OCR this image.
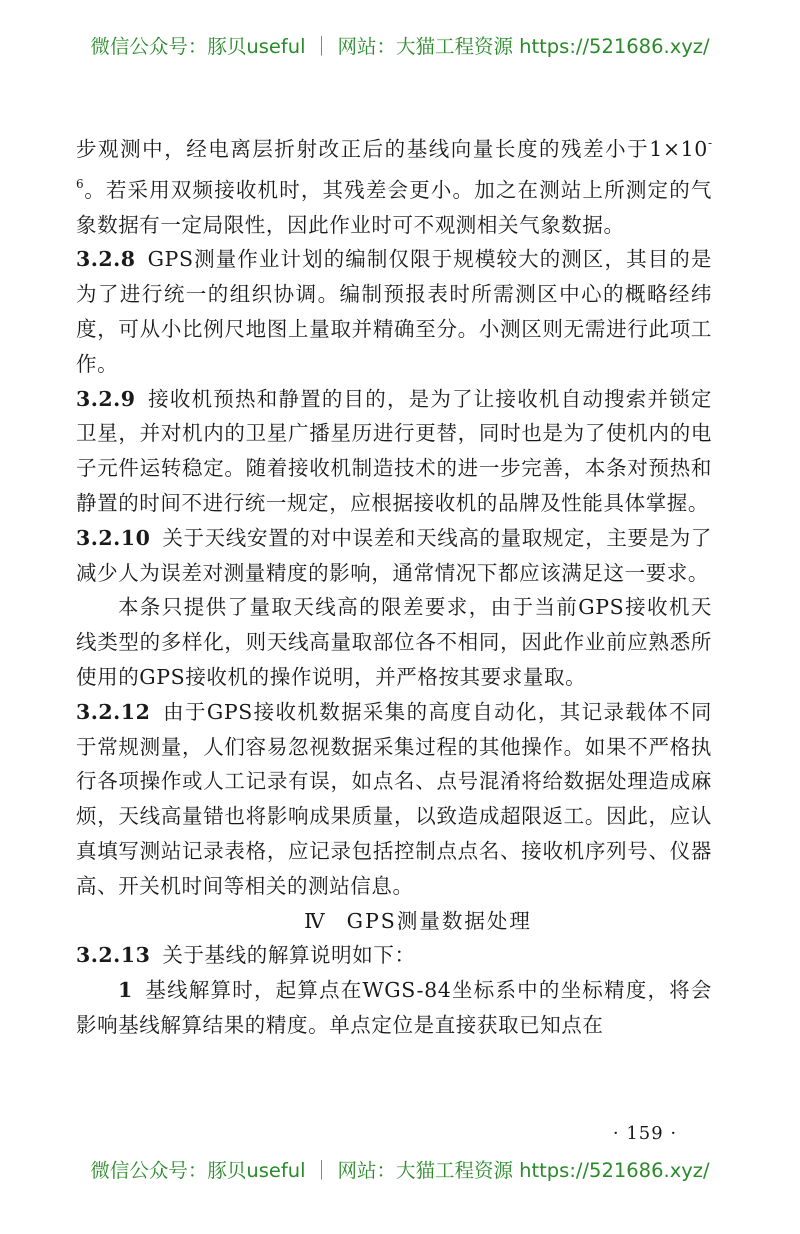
微信公众号：豚贝useful ｜ 网站：大猫工程资源 https://521686.xyz/

步观测中，经电离层折射改正后的基线向量长度的残差小于$1\times 10^{-6}$。若采用双频接收机时，其残差会更小。加之在测站上所测定的气象数据有一定局限性，因此作业时可不观测相关气象数据。

3.2.8 GPS测量作业计划的编制仅限于规模较大的测区，其目的是为了进行统一的组织协调。编制预报表时所需测区中心的概略经纬度，可从小比例尺地图上量取并精确至分。小测区则无需进行此项工作。

3.2.9 接收机预热和静置的目的，是为了让接收机自动搜索并锁定卫星，并对机内的卫星广播星历进行更替，同时也是为了使机内的电子元件运转稳定。随着接收机制造技术的进一步完善，本条对预热和静置的时间不进行统一规定，应根据接收机的品牌及性能具体掌握。

3.2.10 关于天线安置的对中误差和天线高的量取规定，主要是为了减少人为误差对测量精度的影响，通常情况下都应该满足这一要求。

本条只提供了量取天线高的限差要求，由于当前GPS接收机天线类型的多样化，则天线高量取部位各不相同，因此作业前应熟悉所使用的GPS接收机的操作说明，并严格按其要求量取。

3.2.12 由于GPS接收机数据采集的高度自动化，其记录载体不同于常规测量，人们容易忽视数据采集过程的其他操作。如果不严格执行各项操作或人工记录有误，如点名、点号混淆将给数据处理造成麻烦，天线高量错也将影响成果质量，以致造成超限返工。因此，应认真填写测站记录表格，应记录包括控制点点名、接收机序列号、仪器高、开关机时间等相关的测站信息。

Ⅳ GPS测量数据处理

3.2.13 关于基线的解算说明如下：

1 基线解算时，起算点在WGS-84坐标系中的坐标精度，将会影响基线解算结果的精度。单点定位是直接获取已知点在

· 159 ·
微信公众号：豚贝useful ｜ 网站：大猫工程资源 https://521686.xyz/
